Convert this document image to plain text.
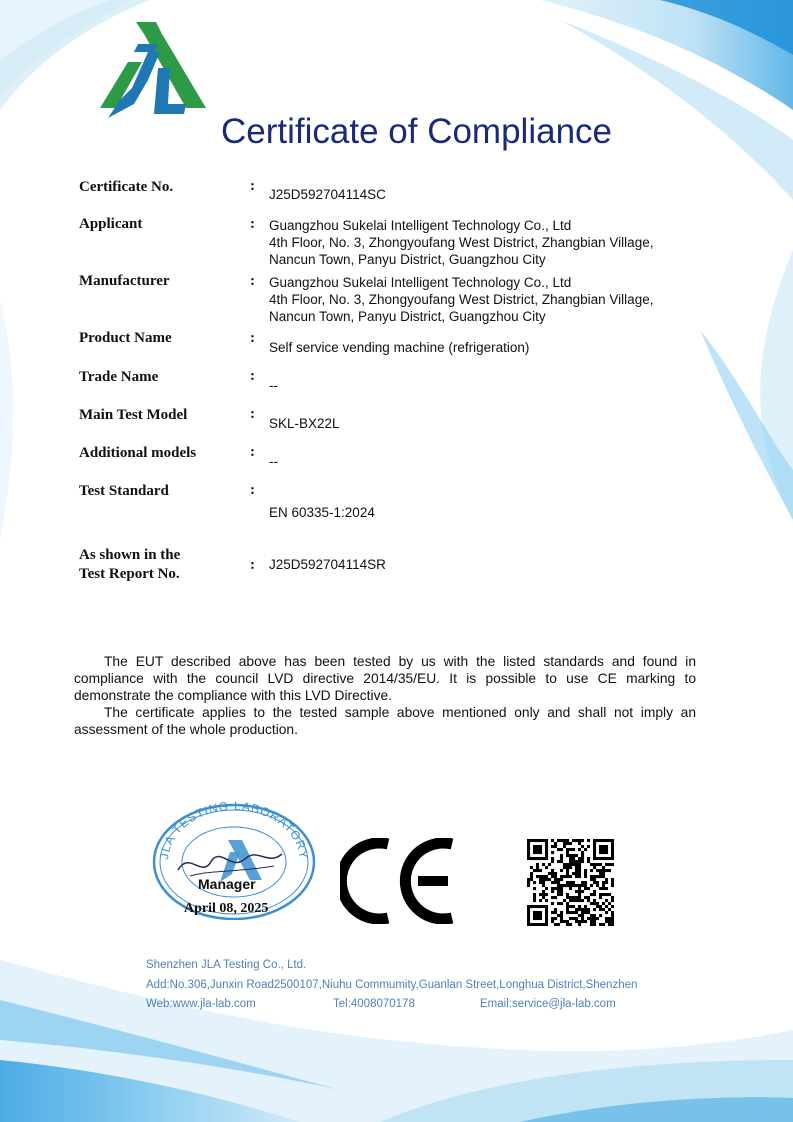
Certificate of Compliance
Certificate No.	:
J25D592704114SC
Applicant	: Guangzhou Sukelai Intelligent Technology Co., Ltd
4th Floor, No. 3, Zhongyoufang West District, Zhangbian Village,
Nancun Town, Panyu District, Guangzhou City
Manufacturer	: Guangzhou Sukelai Intelligent Technology Co., Ltd
4th Floor, No. 3, Zhongyoufang West District, Zhangbian Village,
Nancun Town, Panyu District, Guangzhou City
Product Name	:
Self service vending machine (refrigeration)
Trade Name	:
--
Main Test Model	:
SKL-BX22L
Additional models	:
--
Test Standard	:
EN 60335-1:2024
As shown in the
Test Report No.
: J25D592704114SR

The EUT described above has been tested by us with the listed standards and found in compliance with the council LVD directive 2014/35/EU. It is possible to use CE marking to demonstrate the compliance with this LVD Directive.

The certificate applies to the tested sample above mentioned only and shall not imply an assessment of the whole production.

JLA TESTING LABORATORY
Manager
April 08, 2025
Shenzhen JLA Testing Co., Ltd.
Add:No.306,Junxin Road2500107,Niuhu Commumity,Guanlan Street,Longhua District,Shenzhen
Web:www.jla-lab.com	Tel:4008070178	Email:service@jla-lab.com
